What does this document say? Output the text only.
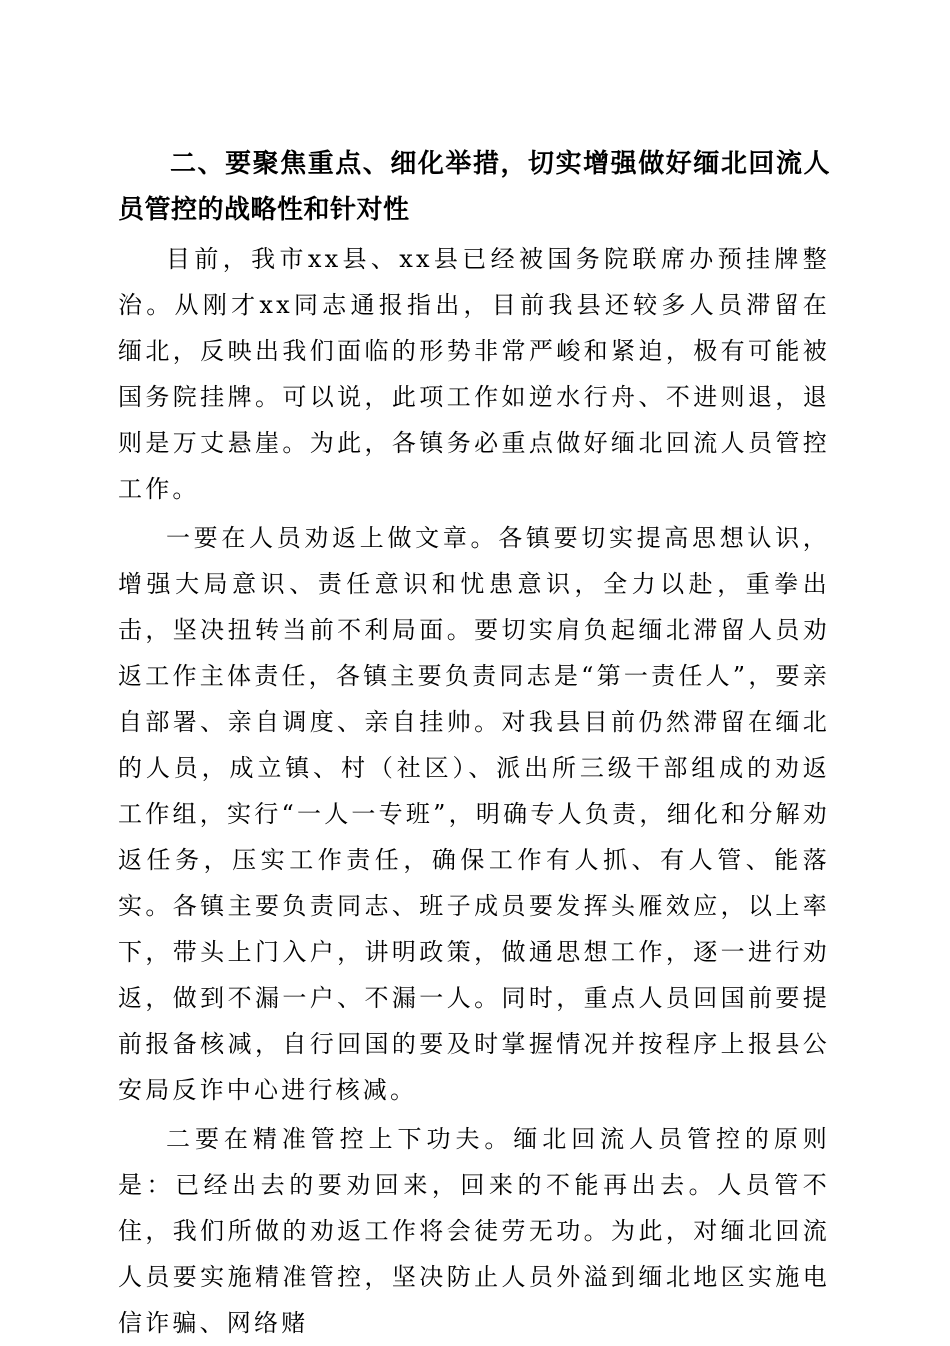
二、要聚焦重点、细化举措，切实增强做好缅北回流人员管控的战略性和针对性

目前，我市xx县、xx县已经被国务院联席办预挂牌整治。从刚才xx同志通报指出，目前我县还较多人员滞留在缅北，反映出我们面临的形势非常严峻和紧迫，极有可能被国务院挂牌。可以说，此项工作如逆水行舟、不进则退，退则是万丈悬崖。为此，各镇务必重点做好缅北回流人员管控工作。

一要在人员劝返上做文章。各镇要切实提高思想认识，增强大局意识、责任意识和忧患意识，全力以赴，重拳出击，坚决扭转当前不利局面。要切实肩负起缅北滞留人员劝返工作主体责任，各镇主要负责同志是“第一责任人”，要亲自部署、亲自调度、亲自挂帅。对我县目前仍然滞留在缅北的人员，成立镇、村（社区）、派出所三级干部组成的劝返工作组，实行“一人一专班”，明确专人负责，细化和分解劝返任务，压实工作责任，确保工作有人抓、有人管、能落实。各镇主要负责同志、班子成员要发挥头雁效应，以上率下，带头上门入户，讲明政策，做通思想工作，逐一进行劝返，做到不漏一户、不漏一人。同时，重点人员回国前要提前报备核减，自行回国的要及时掌握情况并按程序上报县公安局反诈中心进行核减。

二要在精准管控上下功夫。缅北回流人员管控的原则是：已经出去的要劝回来，回来的不能再出去。人员管不住，我们所做的劝返工作将会徒劳无功。为此，对缅北回流人员要实施精准管控，坚决防止人员外溢到缅北地区实施电信诈骗、网络赌
